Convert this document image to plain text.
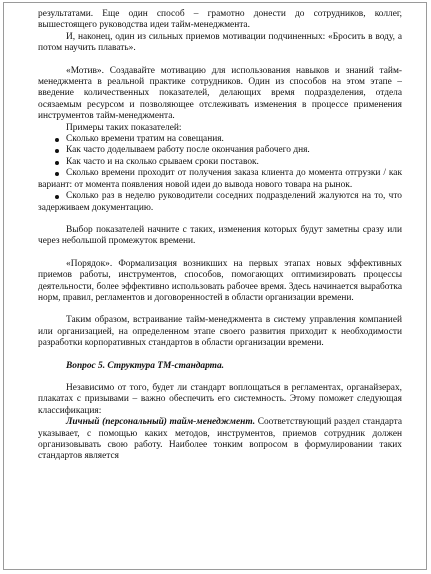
результатами. Еще один способ – грамотно донести до сотрудников, коллег, вышестоящего руководства идеи тайм-менеджмента.

И, наконец, один из сильных приемов мотивации подчиненных: «Бросить в воду, а потом научить плавать».

«Мотив». Создавайте мотивацию для использования навыков и знаний тайм-менеджмента в реальной практике сотрудников. Один из способов на этом этапе – введение количественных показателей, делающих время подразделения, отдела осязаемым ресурсом и позволяющее отслеживать изменения в процессе применения инструментов тайм-менеджмента.

Примеры таких показателей:

Сколько времени тратим на совещания.
Как часто доделываем работу после окончания рабочего дня.
Как часто и на сколько срываем сроки поставок.
Сколько времени проходит от получения заказа клиента до момента отгрузки / как вариант: от момента появления новой идеи до вывода нового товара на рынок.
Сколько раз в неделю руководители соседних подразделений жалуются на то, что задерживаем документацию.

Выбор показателей начните с таких, изменения которых будут заметны сразу или через небольшой промежуток времени.

«Порядок». Формализация возникших на первых этапах новых эффективных приемов работы, инструментов, способов, помогающих оптимизировать процессы деятельности, более эффективно использовать рабочее время. Здесь начинается выработка норм, правил, регламентов и договоренностей в области организации времени.

Таким образом, встраивание тайм-менеджмента в систему управления компанией или организацией, на определенном этапе своего развития приходит к необходимости разработки корпоративных стандартов в области организации времени.

Вопрос 5. Структура ТМ-стандарта.

Независимо от того, будет ли стандарт воплощаться в регламентах, органайзерах, плакатах с призывами – важно обеспечить его системность. Этому поможет следующая классификация:

Личный (персональный) тайм-менеджмент. Соответствующий раздел стандарта указывает, с помощью каких методов, инструментов, приемов сотрудник должен организовывать свою работу. Наиболее тонким вопросом в формулировании таких стандартов является
